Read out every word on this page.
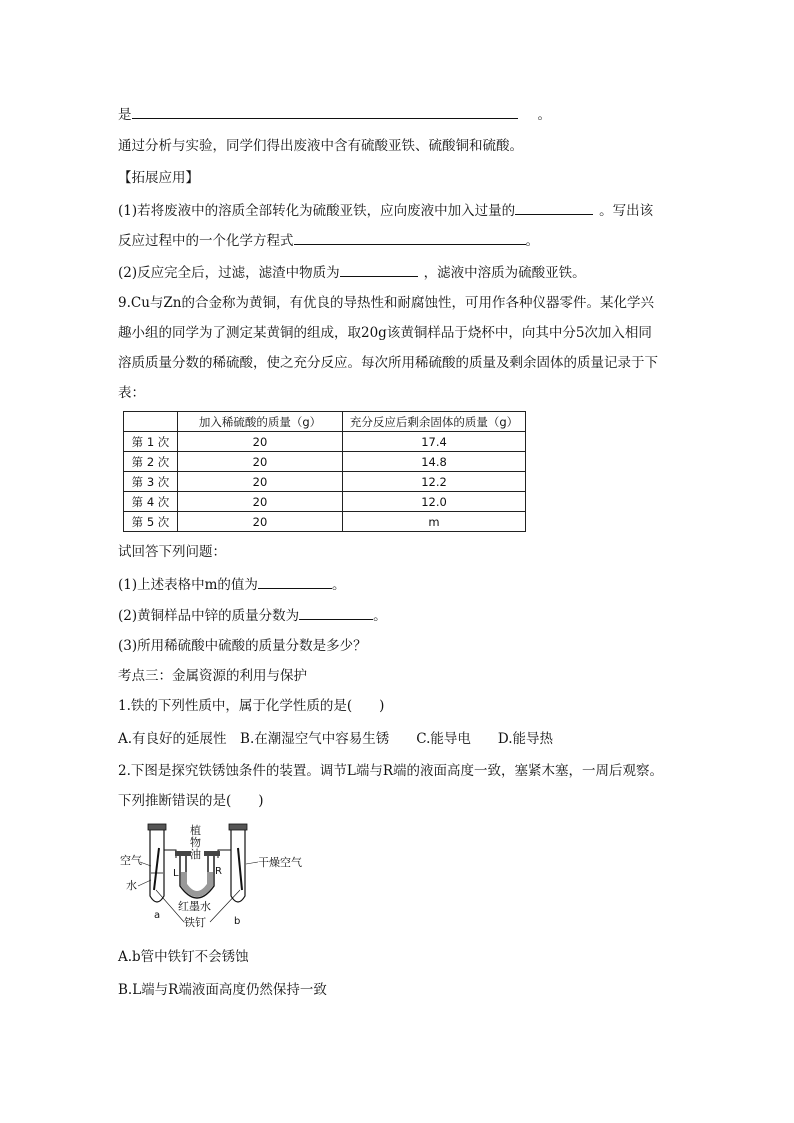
是	。
通过分析与实验，同学们得出废液中含有硫酸亚铁、硫酸铜和硫酸。
【拓展应用】
(1)若将废液中的溶质全部转化为硫酸亚铁，应向废液中加入过量的	。写出该
反应过程中的一个化学方程式	。
(2)反应完全后，过滤，滤渣中物质为	，滤液中溶质为硫酸亚铁。
9.Cu与Zn的合金称为黄铜，有优良的导热性和耐腐蚀性，可用作各种仪器零件。某化学兴
趣小组的同学为了测定某黄铜的组成，取20g该黄铜样品于烧杯中，向其中分5次加入相同
溶质质量分数的稀硫酸，使之充分反应。每次所用稀硫酸的质量及剩余固体的质量记录于下
表：
	加入稀硫酸的质量（g）	充分反应后剩余固体的质量（g）
第 1 次	20	17.4
第 2 次	20	14.8
第 3 次	20	12.2
第 4 次	20	12.0
第 5 次	20	m
试回答下列问题：
(1)上述表格中m的值为	。
(2)黄铜样品中锌的质量分数为	。
(3)所用稀硫酸中硫酸的质量分数是多少？
考点三：金属资源的利用与保护
1.铁的下列性质中，属于化学性质的是(　　)
A.有良好的延展性　B.在潮湿空气中容易生锈　　C.能导电　　D.能导热
2.下图是探究铁锈蚀条件的装置。调节L端与R端的液面高度一致，塞紧木塞，一周后观察。
下列推断错误的是(　　)
植
物
油
空气
水
L	R
干燥空气
红墨水
铁钉
a
b
A.b管中铁钉不会锈蚀
B.L端与R端液面高度仍然保持一致
